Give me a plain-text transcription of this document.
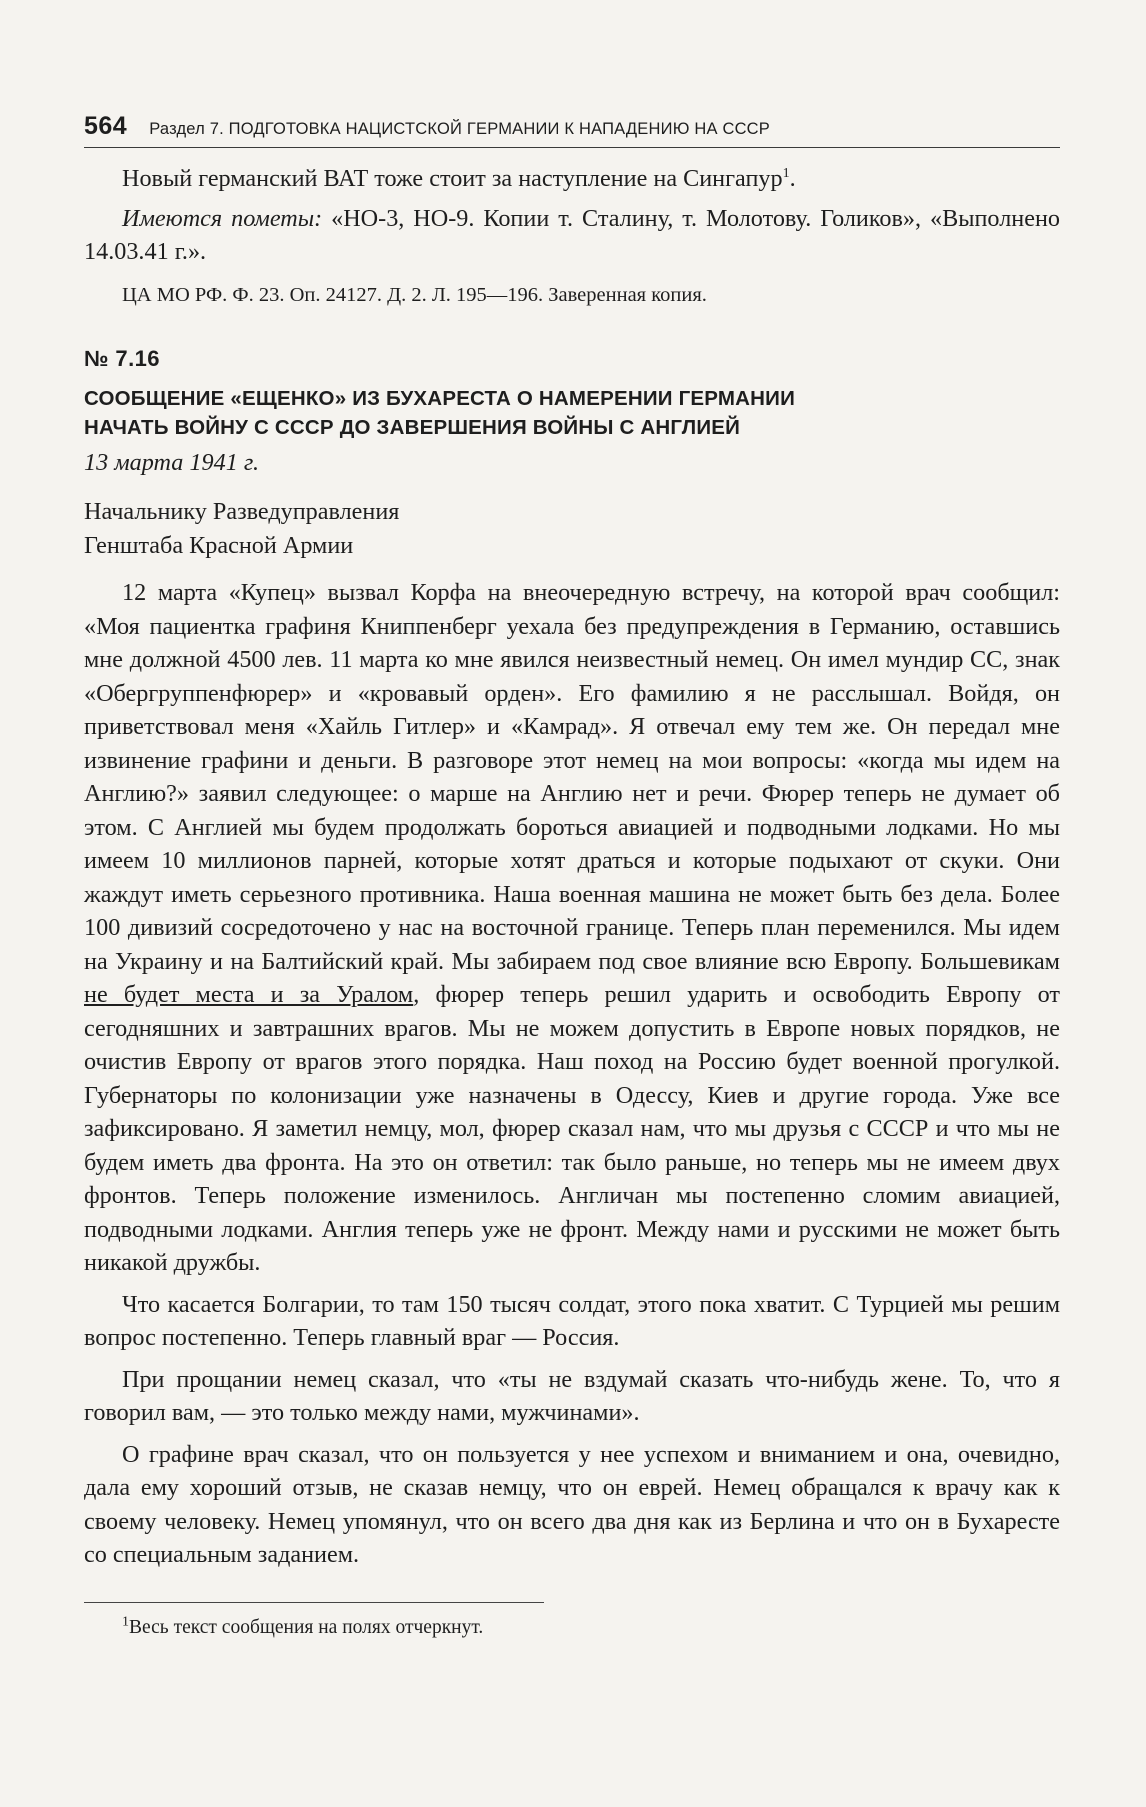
564 Раздел 7. ПОДГОТОВКА НАЦИСТСКОЙ ГЕРМАНИИ К НАПАДЕНИЮ НА СССР

Новый германский ВАТ тоже стоит за наступление на Сингапур$^1$.

Имеются пометы: «НО-3, НО-9. Копии т. Сталину, т. Молотову. Голиков», «Выполнено 14.03.41 г.».

ЦА МО РФ. Ф. 23. Оп. 24127. Д. 2. Л. 195—196. Заверенная копия.

№ 7.16

СООБЩЕНИЕ «ЕЩЕНКО» ИЗ БУХАРЕСТА О НАМЕРЕНИИ ГЕРМАНИИ
НАЧАТЬ ВОЙНУ С СССР ДО ЗАВЕРШЕНИЯ ВОЙНЫ С АНГЛИЕЙ

13 марта 1941 г.

Начальнику Разведуправления
Генштаба Красной Армии

12 марта «Купец» вызвал Корфа на внеочередную встречу, на которой врач сообщил: «Моя пациентка графиня Книппенберг уехала без предупреждения в Германию, оставшись мне должной 4500 лев. 11 марта ко мне явился неизвестный немец. Он имел мундир СС, знак «Обергруппенфюрер» и «кровавый орден». Его фамилию я не расслышал. Войдя, он приветствовал меня «Хайль Гитлер» и «Камрад». Я отвечал ему тем же. Он передал мне извинение графини и деньги. В разговоре этот немец на мои вопросы: «когда мы идем на Англию?» заявил следующее: о марше на Англию нет и речи. Фюрер теперь не думает об этом. С Англией мы будем продолжать бороться авиацией и подводными лодками. Но мы имеем 10 миллионов парней, которые хотят драться и которые подыхают от скуки. Они жаждут иметь серьезного противника. Наша военная машина не может быть без дела. Более 100 дивизий сосредоточено у нас на восточной границе. Теперь план переменился. Мы идем на Украину и на Балтийский край. Мы забираем под свое влияние всю Европу. Большевикам не будет места и за Уралом, фюрер теперь решил ударить и освободить Европу от сегодняшних и завтрашних врагов. Мы не можем допустить в Европе новых порядков, не очистив Европу от врагов этого порядка. Наш поход на Россию будет военной прогулкой. Губернаторы по колонизации уже назначены в Одессу, Киев и другие города. Уже все зафиксировано. Я заметил немцу, мол, фюрер сказал нам, что мы друзья с СССР и что мы не будем иметь два фронта. На это он ответил: так было раньше, но теперь мы не имеем двух фронтов. Теперь положение изменилось. Англичан мы постепенно сломим авиацией, подводными лодками. Англия теперь уже не фронт. Между нами и русскими не может быть никакой дружбы.

Что касается Болгарии, то там 150 тысяч солдат, этого пока хватит. С Турцией мы решим вопрос постепенно. Теперь главный враг — Россия.

При прощании немец сказал, что «ты не вздумай сказать что-нибудь жене. То, что я говорил вам, — это только между нами, мужчинами».

О графине врач сказал, что он пользуется у нее успехом и вниманием и она, очевидно, дала ему хороший отзыв, не сказав немцу, что он еврей. Немец обращался к врачу как к своему человеку. Немец упомянул, что он всего два дня как из Берлина и что он в Бухаресте со специальным заданием.

$^1$Весь текст сообщения на полях отчеркнут.
